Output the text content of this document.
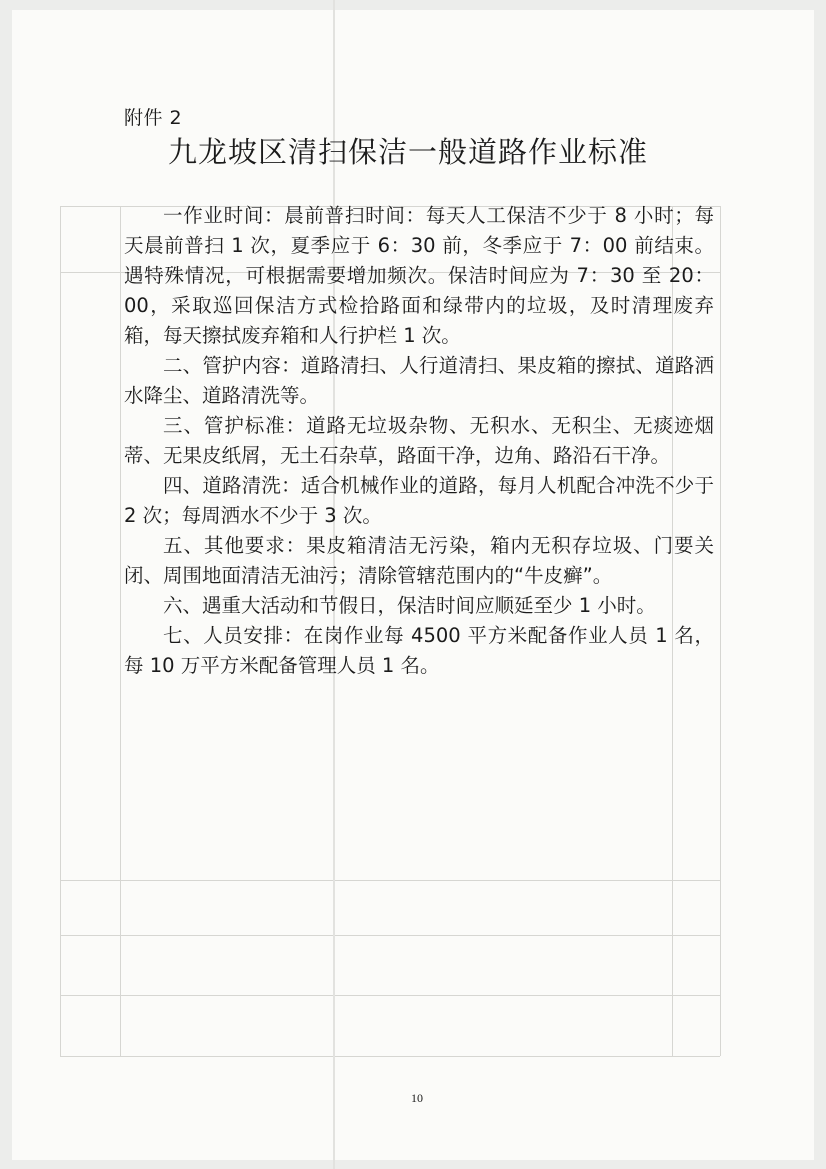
附件 2
九龙坡区清扫保洁一般道路作业标准

一作业时间：晨前普扫时间：每天人工保洁不少于 8 小时；每天晨前普扫 1 次，夏季应于 6：30 前，冬季应于 7：00 前结束。遇特殊情况，可根据需要增加频次。保洁时间应为 7：30 至 20：00，采取巡回保洁方式检拾路面和绿带内的垃圾，及时清理废弃箱，每天擦拭废弃箱和人行护栏 1 次。

二、管护内容：道路清扫、人行道清扫、果皮箱的擦拭、道路洒水降尘、道路清洗等。

三、管护标准：道路无垃圾杂物、无积水、无积尘、无痰迹烟蒂、无果皮纸屑，无土石杂草，路面干净，边角、路沿石干净。

四、道路清洗：适合机械作业的道路，每月人机配合冲洗不少于 2 次；每周洒水不少于 3 次。

五、其他要求：果皮箱清洁无污染，箱内无积存垃圾、门要关闭、周围地面清洁无油污；清除管辖范围内的“牛皮癣”。

六、遇重大活动和节假日，保洁时间应顺延至少 1 小时。

七、人员安排：在岗作业每 4500 平方米配备作业人员 1 名，每 10 万平方米配备管理人员 1 名。

10
